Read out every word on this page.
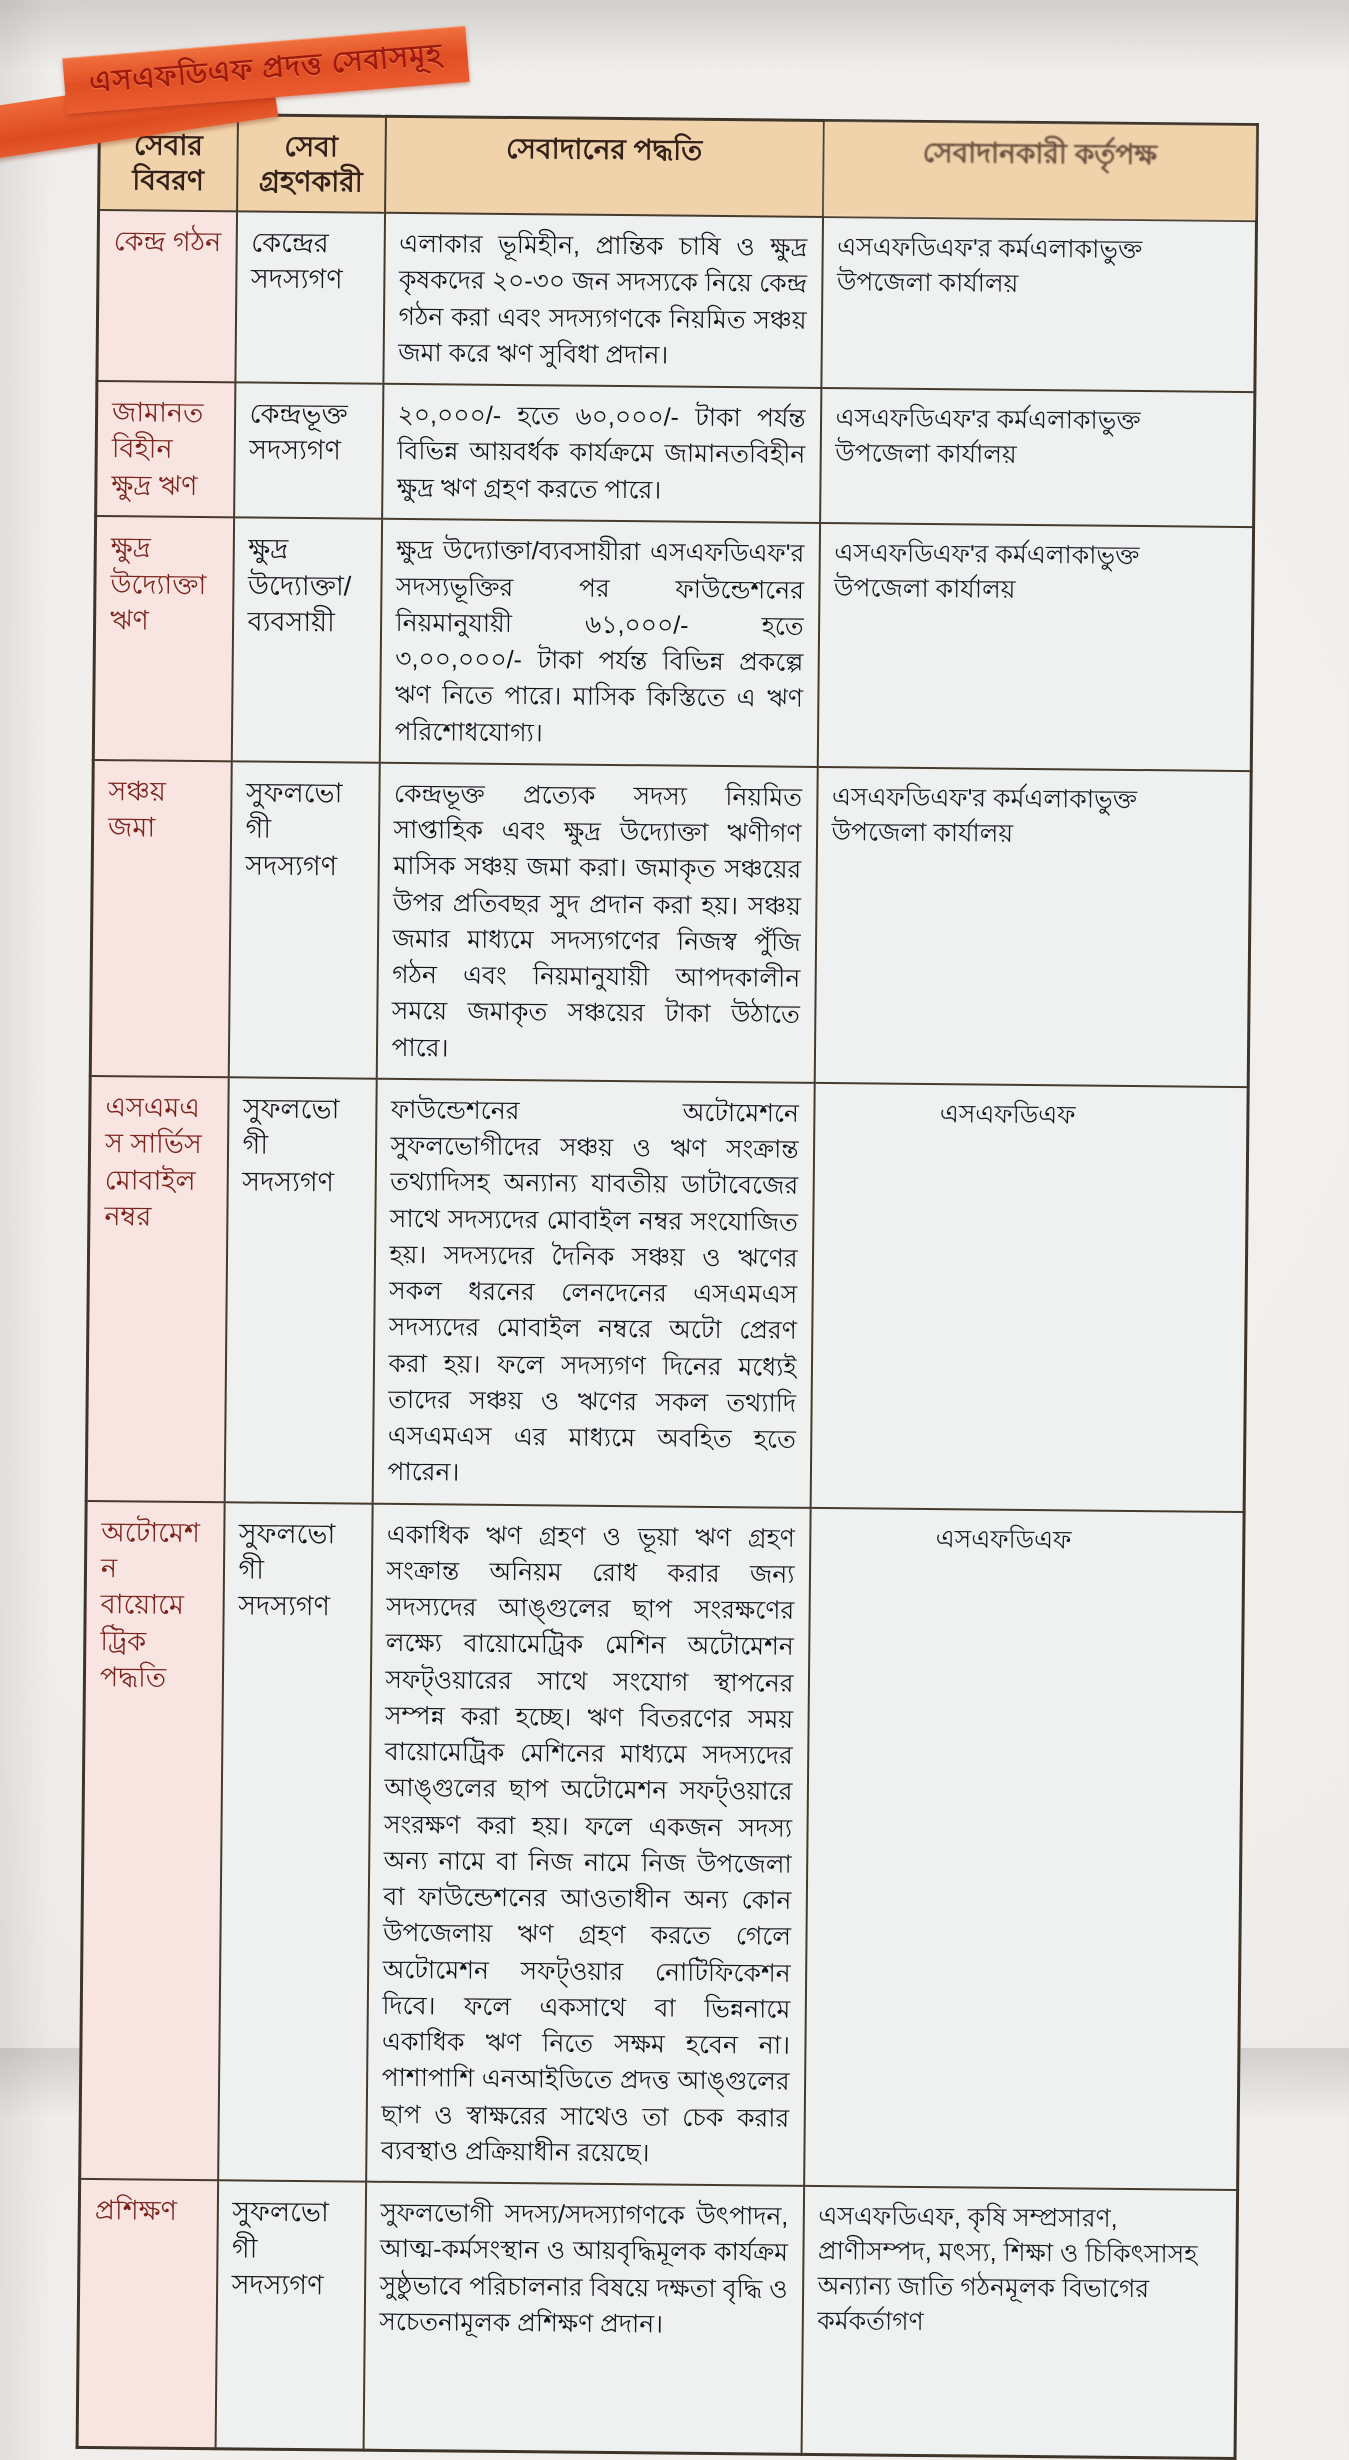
এসএফডিএফ প্রদত্ত সেবাসমূহ
সেবার বিবরণ	সেবা গ্রহণকারী	সেবাদানের পদ্ধতি	সেবাদানকারী কর্তৃপক্ষ
কেন্দ্র গঠন	কেন্দ্রের সদস্যগণ	এলাকার ভূমিহীন, প্রান্তিক চাষি ও ক্ষুদ্র কৃষকদের ২০-৩০ জন সদস্যকে নিয়ে কেন্দ্র গঠন করা এবং সদস্যগণকে নিয়মিত সঞ্চয় জমা করে ঋণ সুবিধা প্রদান।	এসএফডিএফ'র কর্মএলাকাভুক্ত উপজেলা কার্যালয়
জামানতবিহীন ক্ষুদ্র ঋণ	কেন্দ্রভূক্ত সদস্যগণ	২০,০০০/- হতে ৬০,০০০/- টাকা পর্যন্ত বিভিন্ন আয়বর্ধক কার্যক্রমে জামানতবিহীন ক্ষুদ্র ঋণ গ্রহণ করতে পারে।	এসএফডিএফ'র কর্মএলাকাভুক্ত উপজেলা কার্যালয়
ক্ষুদ্র উদ্যোক্তা ঋণ	ক্ষুদ্র উদ্যোক্তা/ ব্যবসায়ী	ক্ষুদ্র উদ্যোক্তা/ব্যবসায়ীরা এসএফডিএফ'র সদস্যভূক্তির পর ফাউন্ডেশনের নিয়মানুযায়ী ৬১,০০০/- হতে ৩,০০,০০০/- টাকা পর্যন্ত বিভিন্ন প্রকল্পে ঋণ নিতে পারে। মাসিক কিস্তিতে এ ঋণ পরিশোধযোগ্য।	এসএফডিএফ'র কর্মএলাকাভুক্ত উপজেলা কার্যালয়
সঞ্চয় জমা	সুফলভোগী সদস্যগণ	কেন্দ্রভূক্ত প্রত্যেক সদস্য নিয়মিত সাপ্তাহিক এবং ক্ষুদ্র উদ্যোক্তা ঋণীগণ মাসিক সঞ্চয় জমা করা। জমাকৃত সঞ্চয়ের উপর প্রতিবছর সুদ প্রদান করা হয়। সঞ্চয় জমার মাধ্যমে সদস্যগণের নিজস্ব পুঁজি গঠন এবং নিয়মানুযায়ী আপদকালীন সময়ে জমাকৃত সঞ্চয়ের টাকা উঠাতে পারে।	এসএফডিএফ'র কর্মএলাকাভুক্ত উপজেলা কার্যালয়
এসএমএস সার্ভিস মোবাইল নম্বর	সুফলভোগী সদস্যগণ	ফাউন্ডেশনের অটোমেশনে সুফলভোগীদের সঞ্চয় ও ঋণ সংক্রান্ত তথ্যাদিসহ অন্যান্য যাবতীয় ডাটাবেজের সাথে সদস্যদের মোবাইল নম্বর সংযোজিত হয়। সদস্যদের দৈনিক সঞ্চয় ও ঋণের সকল ধরনের লেনদেনের এসএমএস সদস্যদের মোবাইল নম্বরে অটো প্রেরণ করা হয়। ফলে সদস্যগণ দিনের মধ্যেই তাদের সঞ্চয় ও ঋণের সকল তথ্যাদি এসএমএস এর মাধ্যমে অবহিত হতে পারেন।	এসএফডিএফ
অটোমেশন বায়োমেট্রিক পদ্ধতি	সুফলভোগী সদস্যগণ	একাধিক ঋণ গ্রহণ ও ভূয়া ঋণ গ্রহণ সংক্রান্ত অনিয়ম রোধ করার জন্য সদস্যদের আঙ্গুলের ছাপ সংরক্ষণের লক্ষ্যে বায়োমেট্রিক মেশিন অটোমেশন সফট্‌ওয়ারের সাথে সংযোগ স্থাপনের সম্পন্ন করা হচ্ছে। ঋণ বিতরণের সময় বায়োমেট্রিক মেশিনের মাধ্যমে সদস্যদের আঙ্গুলের ছাপ অটোমেশন সফট্‌ওয়ারে সংরক্ষণ করা হয়। ফলে একজন সদস্য অন্য নামে বা নিজ নামে নিজ উপজেলা বা ফাউন্ডেশনের আওতাধীন অন্য কোন উপজেলায় ঋণ গ্রহণ করতে গেলে অটোমেশন সফট্‌ওয়ার নোটিফিকেশন দিবে। ফলে একসাথে বা ভিন্ননামে একাধিক ঋণ নিতে সক্ষম হবেন না।পাশাপাশি এনআইডিতে প্রদত্ত আঙ্গুলের ছাপ ও স্বাক্ষরের সাথেও তা চেক করার ব্যবস্থাও প্রক্রিয়াধীন রয়েছে।	এসএফডিএফ
প্রশিক্ষণ	সুফলভোগী সদস্যগণ	সুফলভোগী সদস্য/সদস্যাগণকে উৎপাদন, আত্ম-কর্মসংস্থান ও আয়বৃদ্ধিমূলক কার্যক্রম সুষ্ঠুভাবে পরিচালনার বিষয়ে দক্ষতা বৃদ্ধি ও সচেতনামূলক প্রশিক্ষণ প্রদান।	এসএফডিএফ, কৃষি সম্প্রসারণ, প্রাণীসম্পদ, মৎস্য, শিক্ষা ও চিকিৎসাসহ অন্যান্য জাতি গঠনমূলক বিভাগের কর্মকর্তাগণ
